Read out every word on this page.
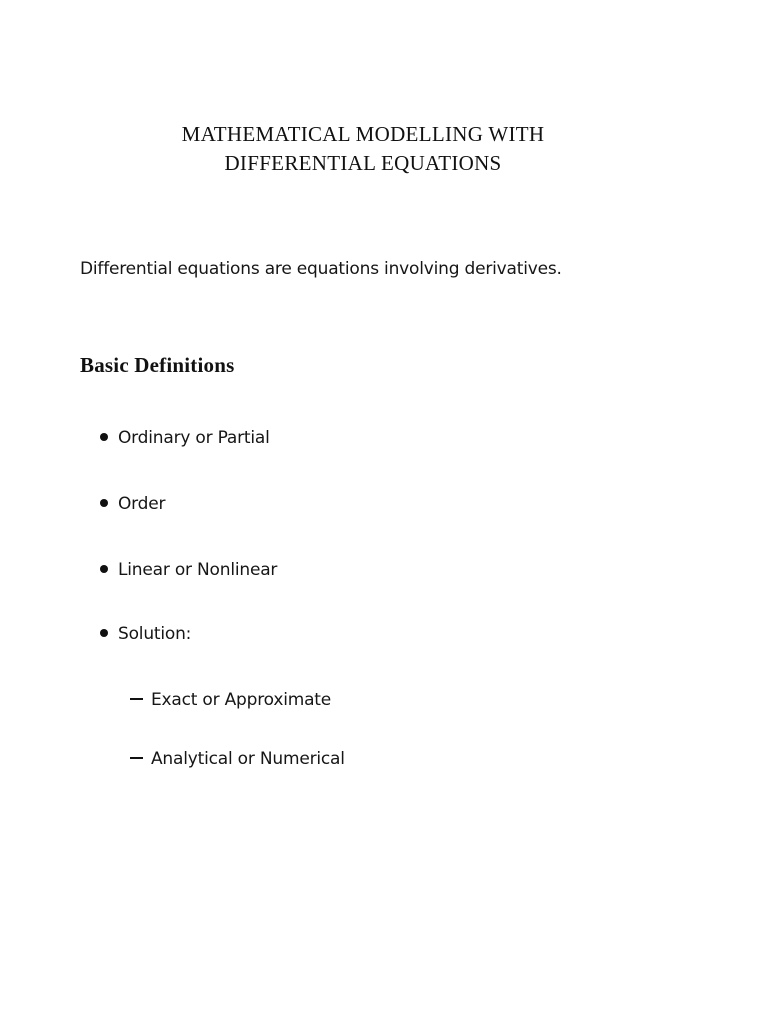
MATHEMATICAL MODELLING WITH
DIFFERENTIAL EQUATIONS
Differential equations are equations involving derivatives.
Basic Definitions
Ordinary or Partial
Order
Linear or Nonlinear
Solution:
Exact or Approximate
Analytical or Numerical
